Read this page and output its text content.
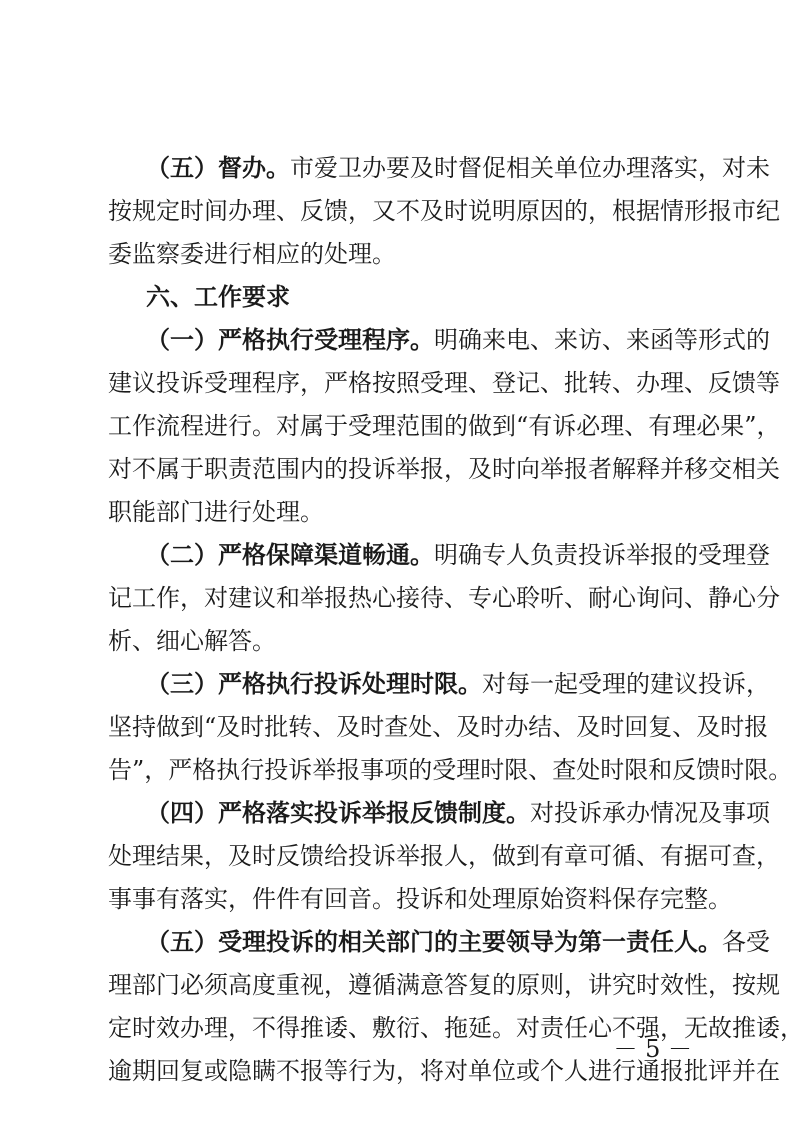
（五）督办。市爱卫办要及时督促相关单位办理落实，对未
按规定时间办理、反馈，又不及时说明原因的，根据情形报市纪
委监察委进行相应的处理。
六、工作要求
（一）严格执行受理程序。明确来电、来访、来函等形式的
建议投诉受理程序，严格按照受理、登记、批转、办理、反馈等
工作流程进行。对属于受理范围的做到“有诉必理、有理必果”，
对不属于职责范围内的投诉举报，及时向举报者解释并移交相关
职能部门进行处理。
（二）严格保障渠道畅通。明确专人负责投诉举报的受理登
记工作，对建议和举报热心接待、专心聆听、耐心询问、静心分
析、细心解答。
（三）严格执行投诉处理时限。对每一起受理的建议投诉，
坚持做到“及时批转、及时查处、及时办结、及时回复、及时报
告”，严格执行投诉举报事项的受理时限、查处时限和反馈时限。
（四）严格落实投诉举报反馈制度。对投诉承办情况及事项
处理结果，及时反馈给投诉举报人，做到有章可循、有据可查，
事事有落实，件件有回音。投诉和处理原始资料保存完整。
（五）受理投诉的相关部门的主要领导为第一责任人。各受
理部门必须高度重视，遵循满意答复的原则，讲究时效性，按规
定时效办理，不得推诿、敷衍、拖延。对责任心不强，无故推诿，
逾期回复或隐瞒不报等行为，将对单位或个人进行通报批评并在
－ 5 －
